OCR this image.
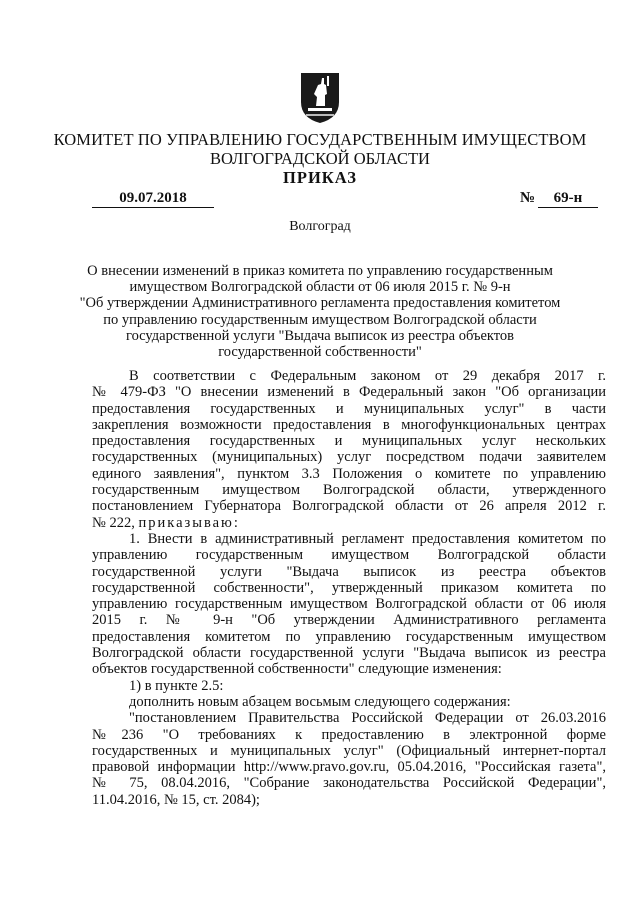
КОМИТЕТ ПО УПРАВЛЕНИЮ ГОСУДАРСТВЕННЫМ ИМУЩЕСТВОМ
ВОЛГОГРАДСКОЙ ОБЛАСТИ
ПРИКАЗ
09.07.2018	№	69-н
Волгоград
О внесении изменений в приказ комитета по управлению государственным
имуществом Волгоградской области от 06 июля 2015 г. № 9-н
"Об утверждении Административного регламента предоставления комитетом
по управлению государственным имуществом Волгоградской области
государственной услуги "Выдача выписок из реестра объектов
государственной собственности"
В соответствии с Федеральным законом от 29 декабря 2017 г.
№ 479-ФЗ "О внесении изменений в Федеральный закон "Об организации
предоставления государственных и муниципальных услуг" в части
закрепления возможности предоставления в многофункциональных центрах
предоставления государственных и муниципальных услуг нескольких
государственных (муниципальных) услуг посредством подачи заявителем
единого заявления", пунктом 3.3 Положения о комитете по управлению
государственным имуществом Волгоградской области, утвержденного
постановлением Губернатора Волгоградской области от 26 апреля 2012 г.
№ 222, приказываю:
1. Внести в административный регламент предоставления комитетом по
управлению государственным имуществом Волгоградской области
государственной услуги "Выдача выписок из реестра объектов
государственной собственности", утвержденный приказом комитета по
управлению государственным имуществом Волгоградской области от 06 июля
2015 г. № 9-н "Об утверждении Административного регламента
предоставления комитетом по управлению государственным имуществом
Волгоградской области государственной услуги "Выдача выписок из реестра
объектов государственной собственности" следующие изменения:
1) в пункте 2.5:
дополнить новым абзацем восьмым следующего содержания:
"постановлением Правительства Российской Федерации от 26.03.2016
№236 "О требованиях к предоставлению в электронной форме
государственных и муниципальных услуг" (Официальный интернет-портал
правовой информации http://www.pravo.gov.ru, 05.04.2016, "Российская газета",
№ 75, 08.04.2016, "Собрание законодательства Российской Федерации",
11.04.2016, № 15, ст. 2084);
